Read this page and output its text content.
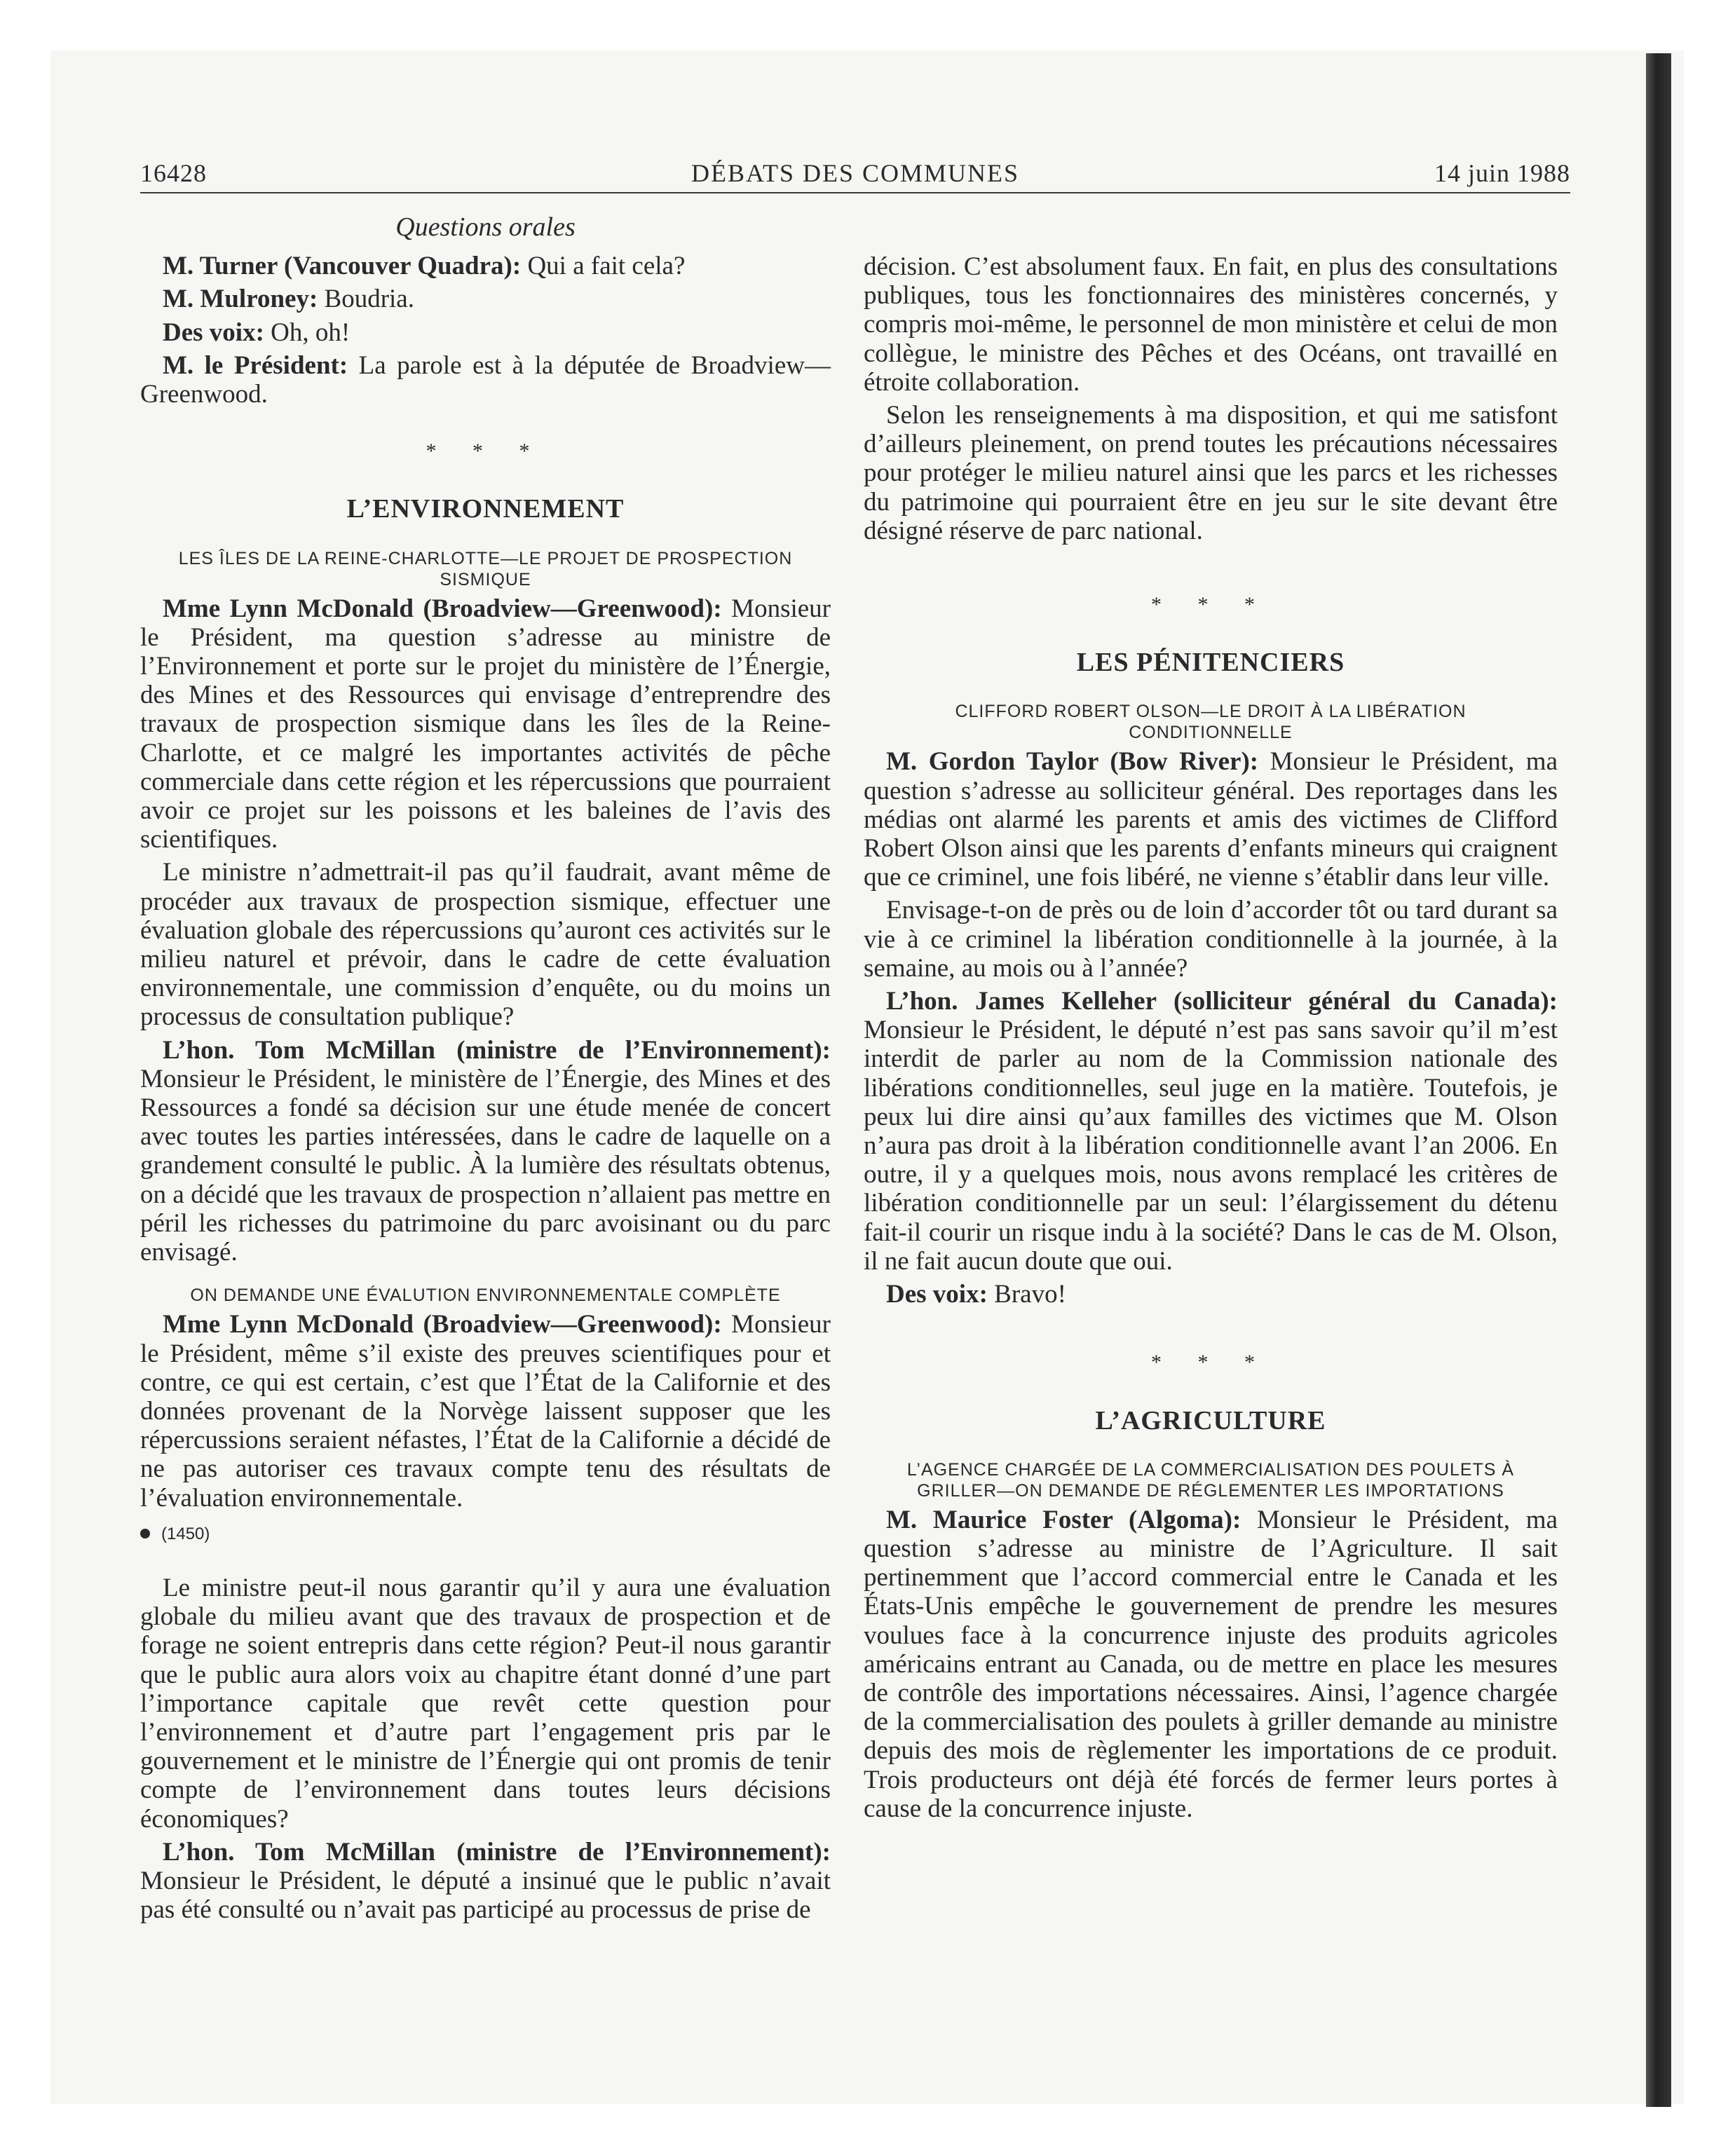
16428	DÉBATS DES COMMUNES	14 juin 1988
Questions orales

M. Turner (Vancouver Quadra): Qui a fait cela?

M. Mulroney: Boudria.

Des voix: Oh, oh!

M. le Président: La parole est à la députée de Broadview—Greenwood.

* * *
L’ENVIRONNEMENT
LES ÎLES DE LA REINE-CHARLOTTE—LE PROJET DE PROSPECTION SISMIQUE

Mme Lynn McDonald (Broadview—Greenwood): Monsieur le Président, ma question s’adresse au ministre de l’Environnement et porte sur le projet du ministère de l’Énergie, des Mines et des Ressources qui envisage d’entreprendre des travaux de prospection sismique dans les îles de la Reine-Charlotte, et ce malgré les importantes activités de pêche commerciale dans cette région et les répercussions que pourraient avoir ce projet sur les poissons et les baleines de l’avis des scientifiques.

Le ministre n’admettrait-il pas qu’il faudrait, avant même de procéder aux travaux de prospection sismique, effectuer une évaluation globale des répercussions qu’auront ces activités sur le milieu naturel et prévoir, dans le cadre de cette évaluation environnementale, une commission d’enquête, ou du moins un processus de consultation publique?

L’hon. Tom McMillan (ministre de l’Environnement): Monsieur le Président, le ministère de l’Énergie, des Mines et des Ressources a fondé sa décision sur une étude menée de concert avec toutes les parties intéressées, dans le cadre de laquelle on a grandement consulté le public. À la lumière des résultats obtenus, on a décidé que les travaux de prospection n’allaient pas mettre en péril les richesses du patrimoine du parc avoisinant ou du parc envisagé.

ON DEMANDE UNE ÉVALUTION ENVIRONNEMENTALE COMPLÈTE

Mme Lynn McDonald (Broadview—Greenwood): Monsieur le Président, même s’il existe des preuves scientifiques pour et contre, ce qui est certain, c’est que l’État de la Californie et des données provenant de la Norvège laissent supposer que les répercussions seraient néfastes, l’État de la Californie a décidé de ne pas autoriser ces travaux compte tenu des résultats de l’évaluation environnementale.

(1450)

Le ministre peut-il nous garantir qu’il y aura une évaluation globale du milieu avant que des travaux de prospection et de forage ne soient entrepris dans cette région? Peut-il nous garantir que le public aura alors voix au chapitre étant donné d’une part l’importance capitale que revêt cette question pour l’environnement et d’autre part l’engagement pris par le gouvernement et le ministre de l’Énergie qui ont promis de tenir compte de l’environnement dans toutes leurs décisions économiques?

L’hon. Tom McMillan (ministre de l’Environnement): Monsieur le Président, le député a insinué que le public n’avait pas été consulté ou n’avait pas participé au processus de prise de

décision. C’est absolument faux. En fait, en plus des consultations publiques, tous les fonctionnaires des ministères concernés, y compris moi-même, le personnel de mon ministère et celui de mon collègue, le ministre des Pêches et des Océans, ont travaillé en étroite collaboration.

Selon les renseignements à ma disposition, et qui me satisfont d’ailleurs pleinement, on prend toutes les précautions nécessaires pour protéger le milieu naturel ainsi que les parcs et les richesses du patrimoine qui pourraient être en jeu sur le site devant être désigné réserve de parc national.

* * *
LES PÉNITENCIERS
CLIFFORD ROBERT OLSON—LE DROIT À LA LIBÉRATION CONDITIONNELLE

M. Gordon Taylor (Bow River): Monsieur le Président, ma question s’adresse au solliciteur général. Des reportages dans les médias ont alarmé les parents et amis des victimes de Clifford Robert Olson ainsi que les parents d’enfants mineurs qui craignent que ce criminel, une fois libéré, ne vienne s’établir dans leur ville.

Envisage-t-on de près ou de loin d’accorder tôt ou tard durant sa vie à ce criminel la libération conditionnelle à la journée, à la semaine, au mois ou à l’année?

L’hon. James Kelleher (solliciteur général du Canada): Monsieur le Président, le député n’est pas sans savoir qu’il m’est interdit de parler au nom de la Commission nationale des libérations conditionnelles, seul juge en la matière. Toutefois, je peux lui dire ainsi qu’aux familles des victimes que M. Olson n’aura pas droit à la libération conditionnelle avant l’an 2006. En outre, il y a quelques mois, nous avons remplacé les critères de libération conditionnelle par un seul: l’élargissement du détenu fait-il courir un risque indu à la société? Dans le cas de M. Olson, il ne fait aucun doute que oui.

Des voix: Bravo!

* * *
L’AGRICULTURE
L’AGENCE CHARGÉE DE LA COMMERCIALISATION DES POULETS À GRILLER—ON DEMANDE DE RÉGLEMENTER LES IMPORTATIONS

M. Maurice Foster (Algoma): Monsieur le Président, ma question s’adresse au ministre de l’Agriculture. Il sait pertinemment que l’accord commercial entre le Canada et les États-Unis empêche le gouvernement de prendre les mesures voulues face à la concurrence injuste des produits agricoles américains entrant au Canada, ou de mettre en place les mesures de contrôle des importations nécessaires. Ainsi, l’agence chargée de la commercialisation des poulets à griller demande au ministre depuis des mois de règlementer les importations de ce produit. Trois producteurs ont déjà été forcés de fermer leurs portes à cause de la concurrence injuste.
